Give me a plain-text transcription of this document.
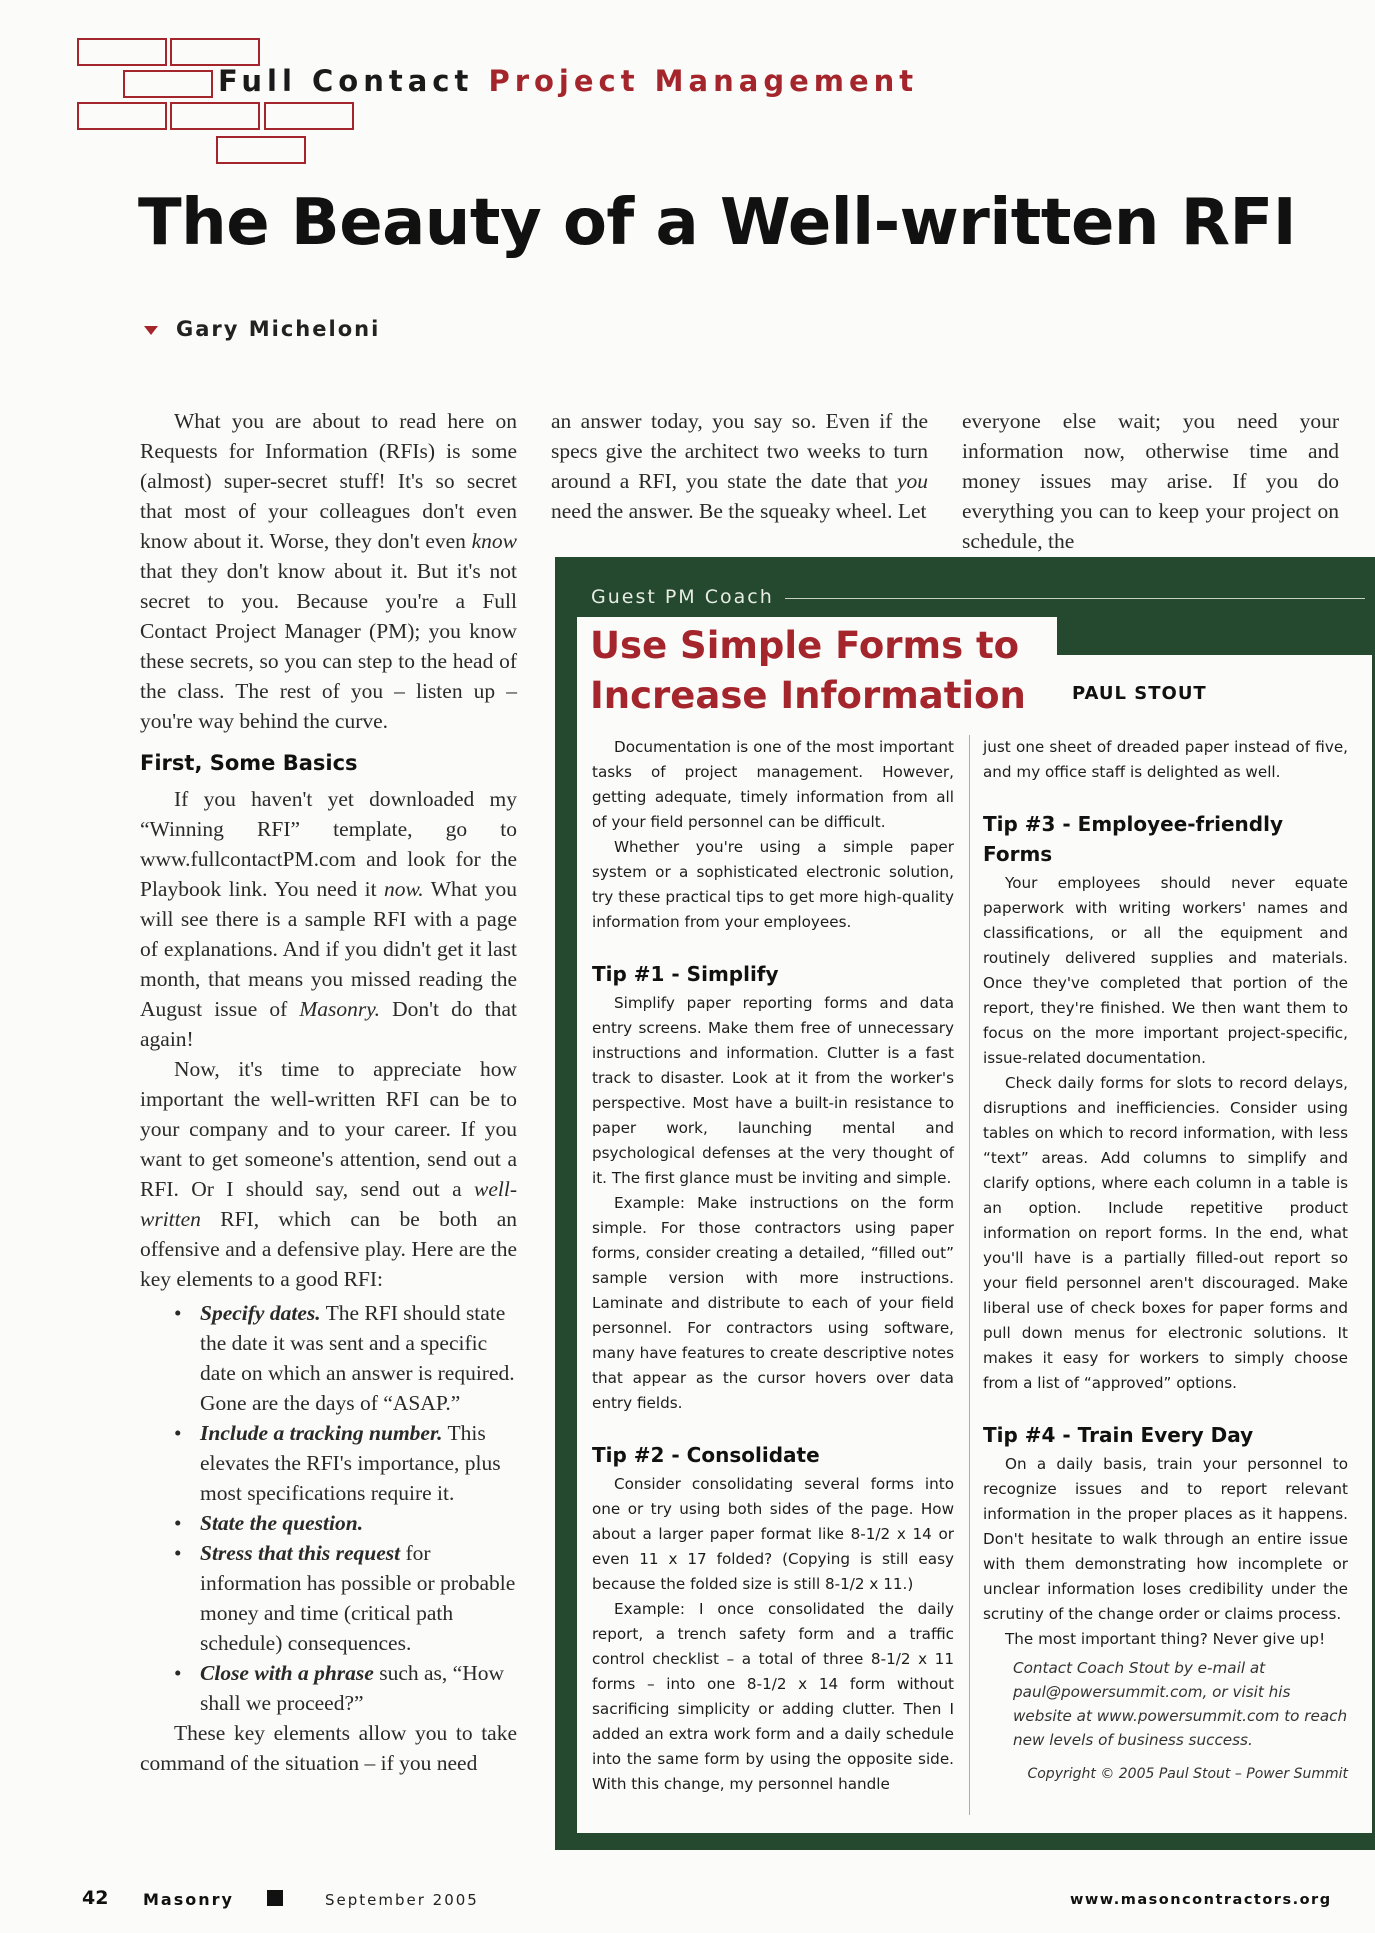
Full Contact Project Management
The Beauty of a Well-written RFI
Gary Micheloni

What you are about to read here on Requests for Information (RFIs) is some (almost) super-secret stuff! It's so secret that most of your colleagues don't even know about it. Worse, they don't even know that they don't know about it. But it's not secret to you. Because you're a Full Contact Project Manager (PM); you know these secrets, so you can step to the head of the class. The rest of you – listen up – you're way behind the curve.

First, Some Basics

If you haven't yet downloaded my “Winning RFI” template, go to www.fullcontactPM.com and look for the Playbook link. You need it now. What you will see there is a sample RFI with a page of explanations. And if you didn't get it last month, that means you missed reading the August issue of Masonry. Don't do that again!

Now, it's time to appreciate how important the well-written RFI can be to your company and to your career. If you want to get someone's attention, send out a RFI. Or I should say, send out a well-written RFI, which can be both an offensive and a defensive play. Here are the key elements to a good RFI:

• Specify dates. The RFI should state the date it was sent and a specific date on which an answer is required. Gone are the days of “ASAP.”
• Include a tracking number. This elevates the RFI's importance, plus most specifications require it.
• State the question.
• Stress that this request for information has possible or probable money and time (critical path schedule) consequences.
• Close with a phrase such as, “How shall we proceed?”

These key elements allow you to take command of the situation – if you need

an answer today, you say so. Even if the specs give the architect two weeks to turn around a RFI, you state the date that you need the answer. Be the squeaky wheel. Let

everyone else wait; you need your information now, otherwise time and money issues may arise. If you do everything you can to keep your project on schedule, the

Guest PM Coach
Use Simple Forms to
Increase Information	PAUL STOUT

Documentation is one of the most important tasks of project management. However, getting adequate, timely information from all of your field personnel can be difficult.

Whether you're using a simple paper system or a sophisticated electronic solution, try these practical tips to get more high-quality information from your employees.

Tip #1 - Simplify

Simplify paper reporting forms and data entry screens. Make them free of unnecessary instructions and information. Clutter is a fast track to disaster. Look at it from the worker's perspective. Most have a built-in resistance to paper work, launching mental and psychological defenses at the very thought of it. The first glance must be inviting and simple.

Example: Make instructions on the form simple. For those contractors using paper forms, consider creating a detailed, “filled out” sample version with more instructions. Laminate and distribute to each of your field personnel. For contractors using software, many have features to create descriptive notes that appear as the cursor hovers over data entry fields.

Tip #2 - Consolidate

Consider consolidating several forms into one or try using both sides of the page. How about a larger paper format like 8-1/2 x 14 or even 11 x 17 folded? (Copying is still easy because the folded size is still 8-1/2 x 11.)

Example: I once consolidated the daily report, a trench safety form and a traffic control checklist – a total of three 8-1/2 x 11 forms – into one 8-1/2 x 14 form without sacrificing simplicity or adding clutter. Then I added an extra work form and a daily schedule into the same form by using the opposite side. With this change, my personnel handle

just one sheet of dreaded paper instead of five, and my office staff is delighted as well.

Tip #3 - Employee-friendly Forms

Your employees should never equate paperwork with writing workers' names and classifications, or all the equipment and routinely delivered supplies and materials. Once they've completed that portion of the report, they're finished. We then want them to focus on the more important project-specific, issue-related documentation.

Check daily forms for slots to record delays, disruptions and inefficiencies. Consider using tables on which to record information, with less “text” areas. Add columns to simplify and clarify options, where each column in a table is an option. Include repetitive product information on report forms. In the end, what you'll have is a partially filled-out report so your field personnel aren't discouraged. Make liberal use of check boxes for paper forms and pull down menus for electronic solutions. It makes it easy for workers to simply choose from a list of “approved” options.

Tip #4 - Train Every Day

On a daily basis, train your personnel to recognize issues and to report relevant information in the proper places as it happens. Don't hesitate to walk through an entire issue with them demonstrating how incomplete or unclear information loses credibility under the scrutiny of the change order or claims process.

The most important thing? Never give up!

Contact Coach Stout by e-mail at paul@powersummit.com, or visit his website at www.powersummit.com to reach new levels of business success.
Copyright © 2005 Paul Stout – Power Summit
42 Masonry	September 2005	www.masoncontractors.org
